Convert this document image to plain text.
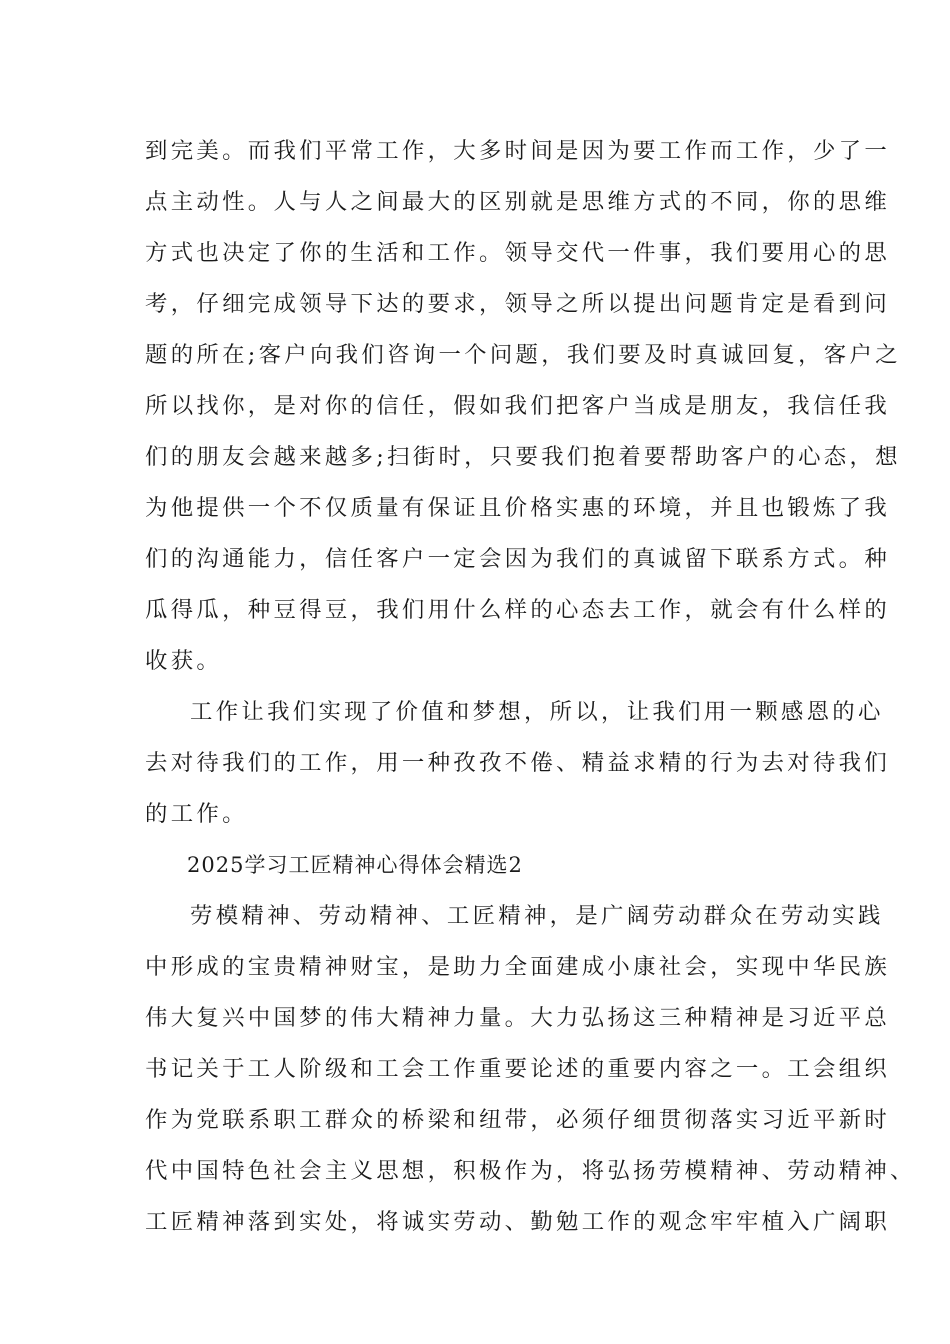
到完美。而我们平常工作，大多时间是因为要工作而工作，少了一
点主动性。人与人之间最大的区别就是思维方式的不同，你的思维
方式也决定了你的生活和工作。领导交代一件事，我们要用心的思
考，仔细完成领导下达的要求，领导之所以提出问题肯定是看到问
题的所在;客户向我们咨询一个问题，我们要及时真诚回复，客户之
所以找你，是对你的信任，假如我们把客户当成是朋友，我信任我
们的朋友会越来越多;扫街时，只要我们抱着要帮助客户的心态，想
为他提供一个不仅质量有保证且价格实惠的环境，并且也锻炼了我
们的沟通能力，信任客户一定会因为我们的真诚留下联系方式。种
瓜得瓜，种豆得豆，我们用什么样的心态去工作，就会有什么样的
收获。
工作让我们实现了价值和梦想，所以，让我们用一颗感恩的心
去对待我们的工作，用一种孜孜不倦、精益求精的行为去对待我们
的工作。
2025学习工匠精神心得体会精选2
劳模精神、劳动精神、工匠精神，是广阔劳动群众在劳动实践
中形成的宝贵精神财宝，是助力全面建成小康社会，实现中华民族
伟大复兴中国梦的伟大精神力量。大力弘扬这三种精神是习近平总
书记关于工人阶级和工会工作重要论述的重要内容之一。工会组织
作为党联系职工群众的桥梁和纽带，必须仔细贯彻落实习近平新时
代中国特色社会主义思想，积极作为，将弘扬劳模精神、劳动精神、
工匠精神落到实处，将诚实劳动、勤勉工作的观念牢牢植入广阔职
